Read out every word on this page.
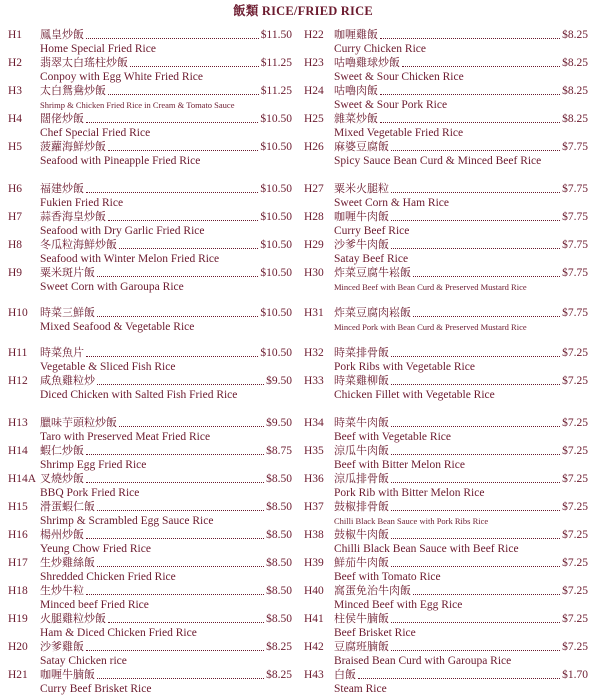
飯類 RICE/FRIED RICE
H1 鳳皇炒飯	$11.50
Home Special Fried Rice
H2 翡翠太白瑤柱炒飯	$11.25
Conpoy with Egg White Fried Rice
H3 太白鴛鴦炒飯	$11.25
Shrimp & Chicken Fried Rice in Cream & Tomato Sauce
H4 闊佬炒飯	$10.50
Chef Special Fried Rice
H5 菠蘿海鮮炒飯	$10.50
Seafood with Pineapple Fried Rice
H6 福建炒飯	$10.50
Fukien Fried Rice
H7 蒜香海皇炒飯	$10.50
Seafood with Dry Garlic Fried Rice
H8 冬瓜粒海鮮炒飯	$10.50
Seafood with Winter Melon Fried Rice
H9 粟米斑片飯	$10.50
Sweet Corn with Garoupa Rice
H10 時菜三鮮飯	$10.50
Mixed Seafood & Vegetable Rice
H11 時菜魚片	$10.50
Vegetable & Sliced Fish Rice
H12 咸魚雞粒炒	$9.50
Diced Chicken with Salted Fish Fried Rice
H13 臘味芋頭粒炒飯	$9.50
Taro with Preserved Meat Fried Rice
H14 蝦仁炒飯	$8.75
Shrimp Egg Fried Rice
H14A 叉燒炒飯	$8.50
BBQ Pork Fried Rice
H15 滑蛋蝦仁飯	$8.50
Shrimp & Scrambled Egg Sauce Rice
H16 楊州炒飯	$8.50
Yeung Chow Fried Rice
H17 生炒雞絲飯	$8.50
Shredded Chicken Fried Rice
H18 生炒牛粒	$8.50
Minced beef Fried Rice
H19 火腿雞粒炒飯	$8.50
Ham & Diced Chicken Fried Rice
H20 沙爹雞飯	$8.25
Satay Chicken rice
H21 咖喱牛腩飯	$8.25
Curry Beef Brisket Rice
H22 咖喱雞飯	$8.25
Curry Chicken Rice
H23 咕嚕雞球炒飯	$8.25
Sweet & Sour Chicken Rice
H24 咕嚕肉飯	$8.25
Sweet & Sour Pork Rice
H25 雜菜炒飯	$8.25
Mixed Vegetable Fried Rice
H26 麻婆豆腐飯	$7.75
Spicy Sauce Bean Curd & Minced Beef Rice
H27 粟米火腿粒	$7.75
Sweet Corn & Ham Rice
H28 咖喱牛肉飯	$7.75
Curry Beef Rice
H29 沙爹牛肉飯	$7.75
Satay Beef Rice
H30 炸菜豆腐牛崧飯	$7.75
Minced Beef with Bean Curd & Preserved Mustard Rice
H31 炸菜豆腐肉崧飯	$7.75
Minced Pork with Bean Curd & Preserved Mustard Rice
H32 時菜排骨飯	$7.25
Pork Ribs with Vegetable Rice
H33 時菜雞柳飯	$7.25
Chicken Fillet with Vegetable Rice
H34 時菜牛肉飯	$7.25
Beef with Vegetable Rice
H35 涼瓜牛肉飯	$7.25
Beef with Bitter Melon Rice
H36 涼瓜排骨飯	$7.25
Pork Rib with Bitter Melon Rice
H37 鼓椒排骨飯	$7.25
Chilli Black Bean Sauce with Pork Ribs Rice
H38 鼓椒牛肉飯	$7.25
Chilli Black Bean Sauce with Beef Rice
H39 鮮茄牛肉飯	$7.25
Beef with Tomato Rice
H40 窩蛋免治牛肉飯	$7.25
Minced Beef with Egg Rice
H41 柱侯牛腩飯	$7.25
Beef Brisket Rice
H42 豆腐班腩飯	$7.25
Braised Bean Curd with Garoupa Rice
H43 白飯	$1.70
Steam Rice
